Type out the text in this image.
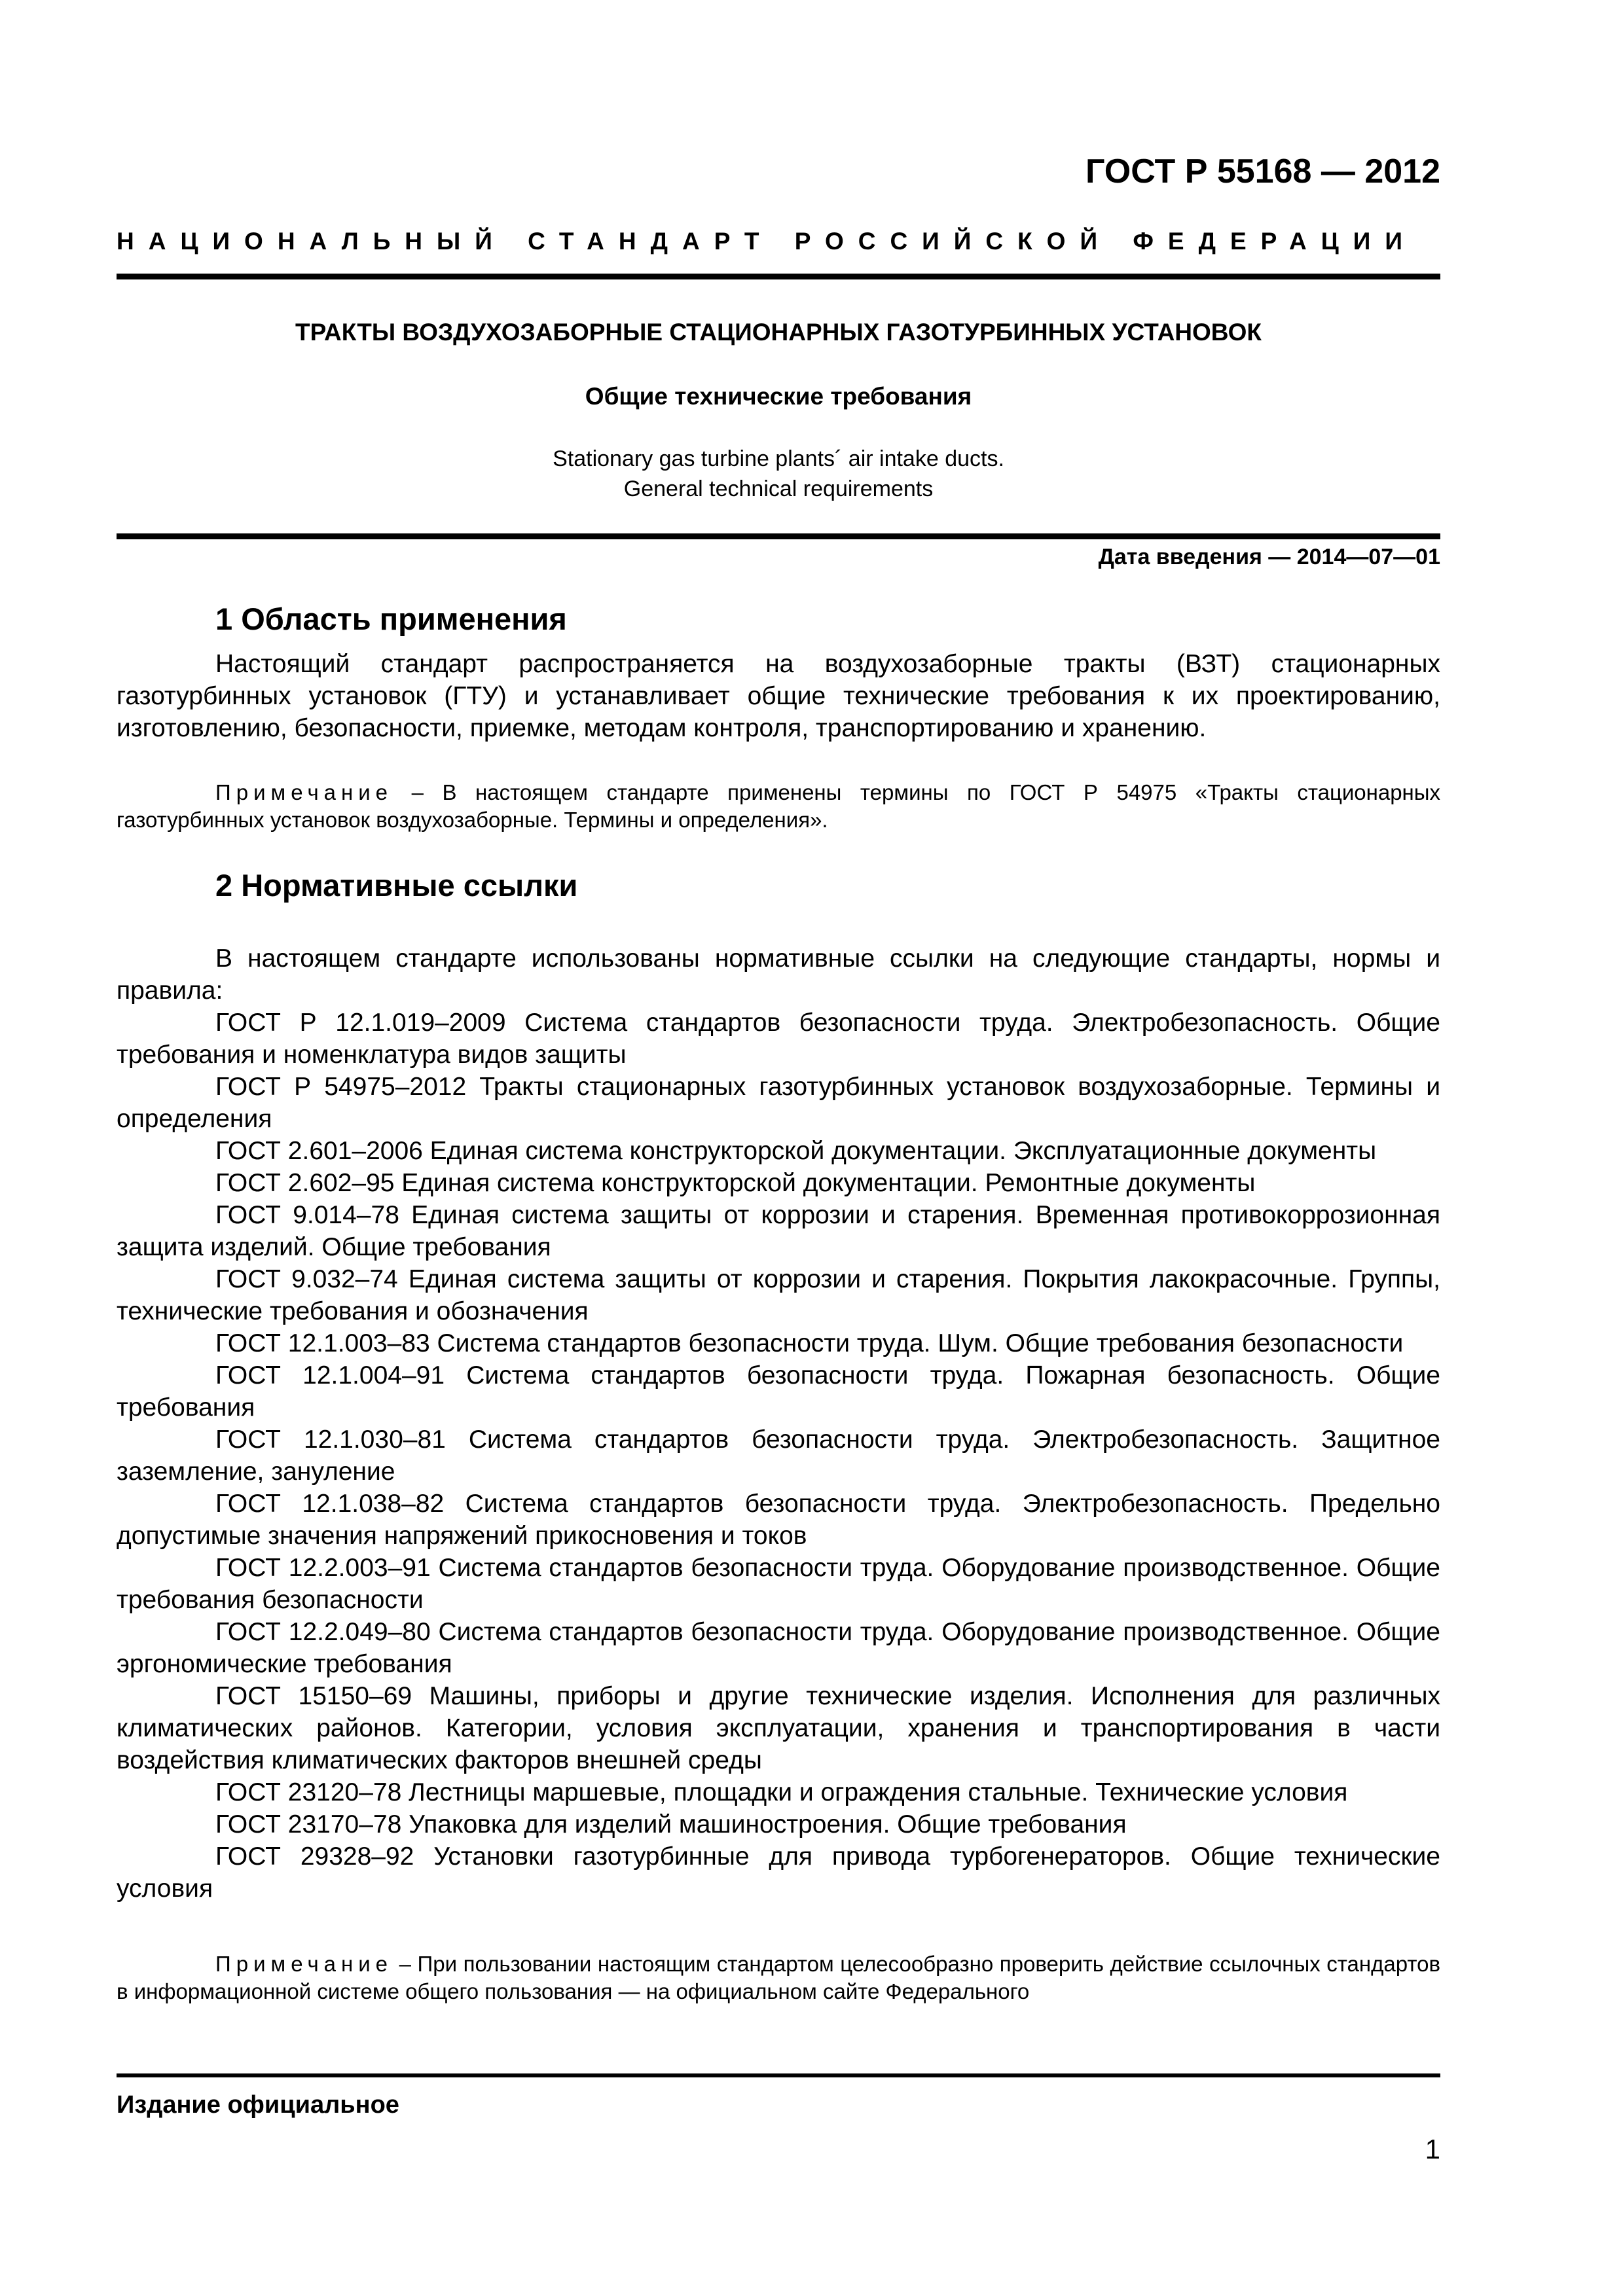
ГОСТ Р 55168 — 2012
НАЦИОНАЛЬНЫЙ СТАНДАРТ РОССИЙСКОЙ ФЕДЕРАЦИИ
ТРАКТЫ ВОЗДУХОЗАБОРНЫЕ СТАЦИОНАРНЫХ ГАЗОТУРБИННЫХ УСТАНОВОК
Общие технические требования
Stationary gas turbine plants´ air intake ducts.
General technical requirements
Дата введения — 2014—07—01
1 Область применения
Настоящий стандарт распространяется на воздухозаборные тракты (ВЗТ) стационарных газотурбинных установок (ГТУ) и устанавливает общие технические требования к их проектированию, изготовлению, безопасности, приемке, методам контроля, транспортированию и хранению.
Примечание – В настоящем стандарте применены термины по ГОСТ Р 54975 «Тракты стационарных газотурбинных установок воздухозаборные. Термины и определения».
2 Нормативные ссылки

В настоящем стандарте использованы нормативные ссылки на следующие стандарты, нормы и правила:

ГОСТ Р 12.1.019–2009 Система стандартов безопасности труда. Электробезопасность. Общие требования и номенклатура видов защиты

ГОСТ Р 54975–2012 Тракты стационарных газотурбинных установок воздухозаборные. Термины и определения

ГОСТ 2.601–2006 Единая система конструкторской документации. Эксплуатационные документы

ГОСТ 2.602–95 Единая система конструкторской документации. Ремонтные документы

ГОСТ 9.014–78 Единая система защиты от коррозии и старения. Временная противокоррозионная защита изделий. Общие требования

ГОСТ 9.032–74 Единая система защиты от коррозии и старения. Покрытия лакокрасочные. Группы, технические требования и обозначения

ГОСТ 12.1.003–83 Система стандартов безопасности труда. Шум. Общие требования безопасности

ГОСТ 12.1.004–91 Система стандартов безопасности труда. Пожарная безопасность. Общие требования

ГОСТ 12.1.030–81 Система стандартов безопасности труда. Электробезопасность. Защитное заземление, зануление

ГОСТ 12.1.038–82 Система стандартов безопасности труда. Электробезопасность. Предельно допустимые значения напряжений прикосновения и токов

ГОСТ 12.2.003–91 Система стандартов безопасности труда. Оборудование производственное. Общие требования безопасности

ГОСТ 12.2.049–80 Система стандартов безопасности труда. Оборудование производственное. Общие эргономические требования

ГОСТ 15150–69 Машины, приборы и другие технические изделия. Исполнения для различных климатических районов. Категории, условия эксплуатации, хранения и транспортирования в части воздействия климатических факторов внешней среды

ГОСТ 23120–78 Лестницы маршевые, площадки и ограждения стальные. Технические условия

ГОСТ 23170–78 Упаковка для изделий машиностроения. Общие требования

ГОСТ 29328–92 Установки газотурбинные для привода турбогенераторов. Общие технические условия

Примечание – При пользовании настоящим стандартом целесообразно проверить действие ссылочных стандартов в информационной системе общего пользования — на официальном сайте Федерального
Издание официальное
1
